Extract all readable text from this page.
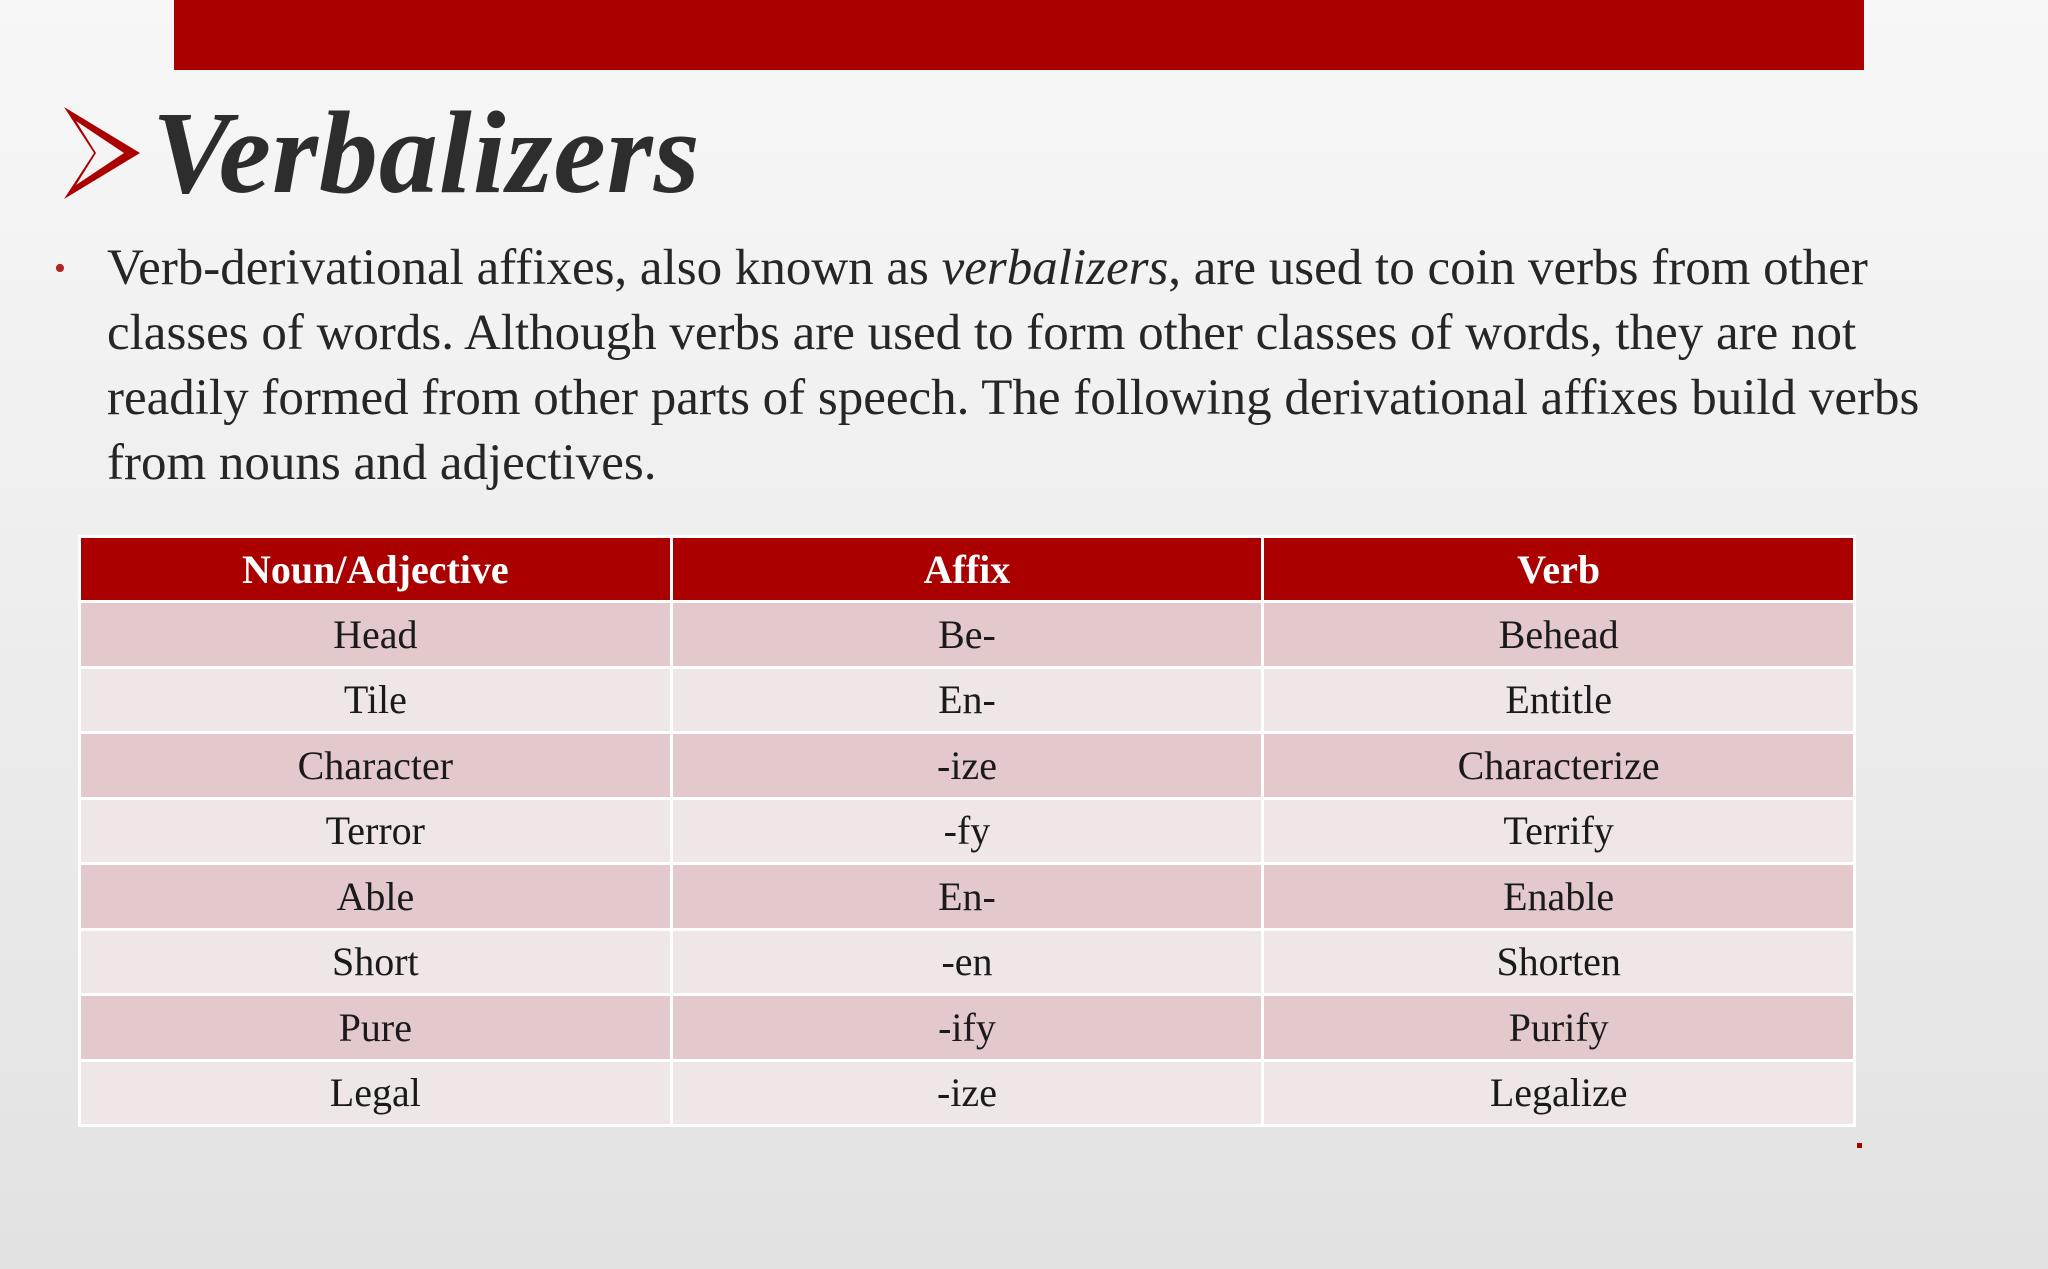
Verbalizers
• Verb-derivational affixes, also known as verbalizers, are used to coin verbs from other classes of words. Although verbs are used to form other classes of words, they are not readily formed from other parts of speech. The following derivational affixes build verbs from nouns and adjectives.
Noun/Adjective	Affix	Verb
Head	Be-	Behead
Tile	En-	Entitle
Character	-ize	Characterize
Terror	-fy	Terrify
Able	En-	Enable
Short	-en	Shorten
Pure	-ify	Purify
Legal	-ize	Legalize
